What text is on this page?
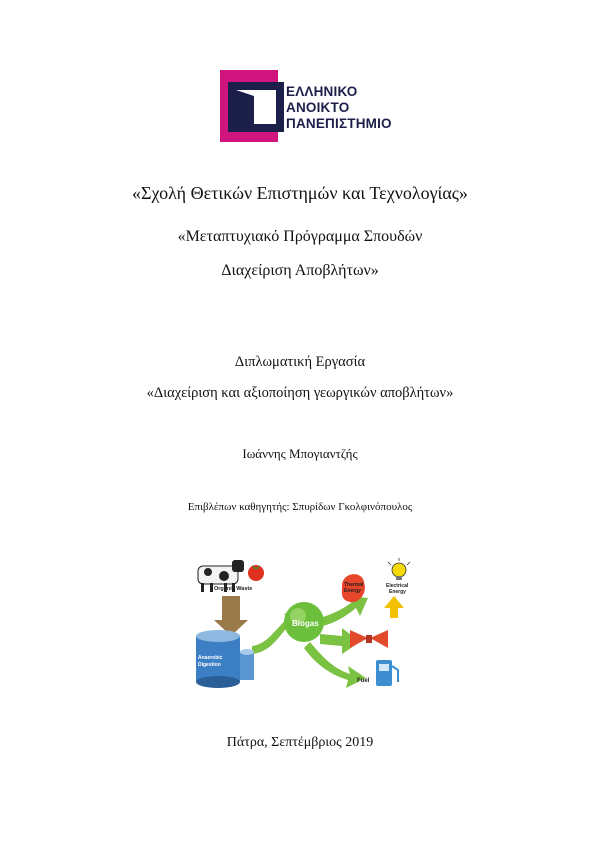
ΕΛΛΗΝΙΚΟ
ΑΝΟΙΚΤΟ
ΠΑΝΕΠΙΣΤΗΜΙΟ
«Σχολή Θετικών Επιστημών και Τεχνολογίας»
«Μεταπτυχιακό Πρόγραμμα Σπουδών
Διαχείριση Αποβλήτων»
Διπλωματική Εργασία
«Διαχείριση και αξιοποίηση γεωργικών αποβλήτων»
Ιωάννης Μπογιαντζής
Επιβλέπων καθηγητής: Σπυρίδων Γκολφινόπουλος
Organic Waste
Anaerobic
Digestion
Biogas
Thermal
Energy
Electrical
Energy
Fuel
Πάτρα, Σεπτέμβριος 2019
